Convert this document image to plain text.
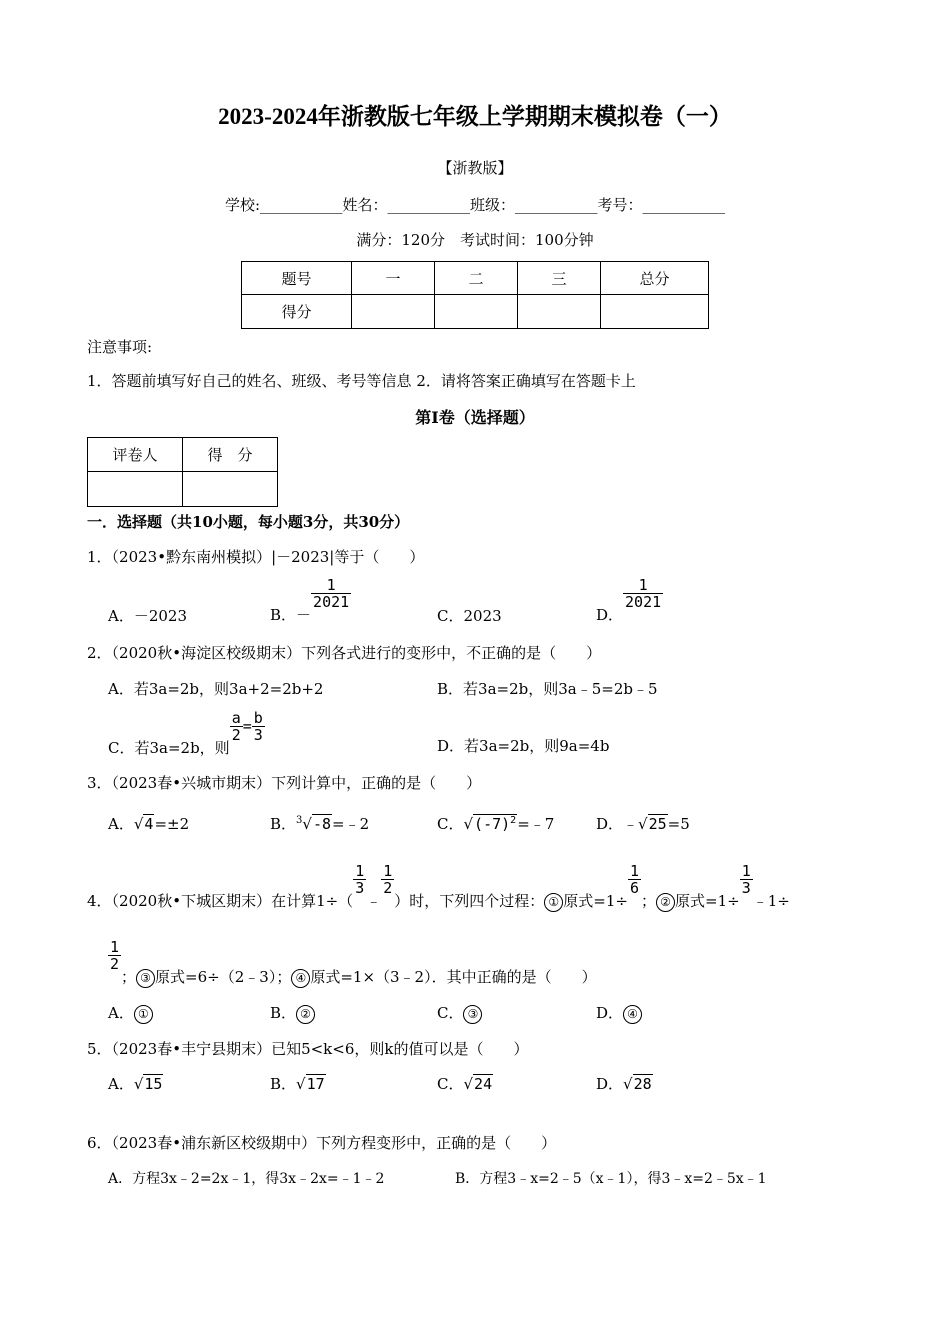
2023-2024年浙教版七年级上学期期末模拟卷（一）
【浙教版】
学校:___________姓名：___________班级：___________考号：___________
满分：120分　考试时间：100分钟
题号	一	二	三	总分
得分				
注意事项:
1．答题前填写好自己的姓名、班级、考号等信息 2．请将答案正确填写在答题卡上
第Ⅰ卷（选择题）
评卷人	得　分

一．选择题（共10小题，每小题3分，共30分）
1．（2023•黔东南州模拟）|－2023|等于（　　）
A．－2023	B．－
$\frac{1}{2021}$
C．2023	D．
$\frac{1}{2021}$
2．（2020秋•海淀区校级期末）下列各式进行的变形中，不正确的是（　　）
A．若3a=2b，则3a+2=2b+2	B．若3a=2b，则3a﹣5=2b﹣5
C．若3a=2b，则
$\frac{a}{2} = \frac{b}{3}$
D．若3a=2b，则9a=4b
3．（2023春•兴城市期末）下列计算中，正确的是（　　）
A．√4=±2	B．$^3$√-8=﹣2	C．$√(-7)^2=﹣7$	D．﹣√25=5
4．（2020秋•下城区期末）在计算1÷（
$\frac{1}{3}$
﹣
$\frac{1}{2}$
）时，下列四个过程： ① 原式=1÷
$\frac{1}{6}$
； ② 原式=1÷
$\frac{1}{3}$
﹣1÷
$\frac{1}{2}$
； ③ 原式=6÷（2﹣3）； ④ 原式=1×（3﹣2）．其中正确的是（　　）
A． ①	B． ②	C． ③	D． ④
5．（2023春•丰宁县期末）已知5<k<6，则k的值可以是（　　）
A．√15	B．√17	C．√24	D．√28
6．（2023春•浦东新区校级期中）下列方程变形中，正确的是（　　）
A．方程3x﹣2=2x﹣1，得3x﹣2x=﹣1﹣2	B．方程3﹣x=2﹣5（x﹣1），得3﹣x=2﹣5x﹣1
